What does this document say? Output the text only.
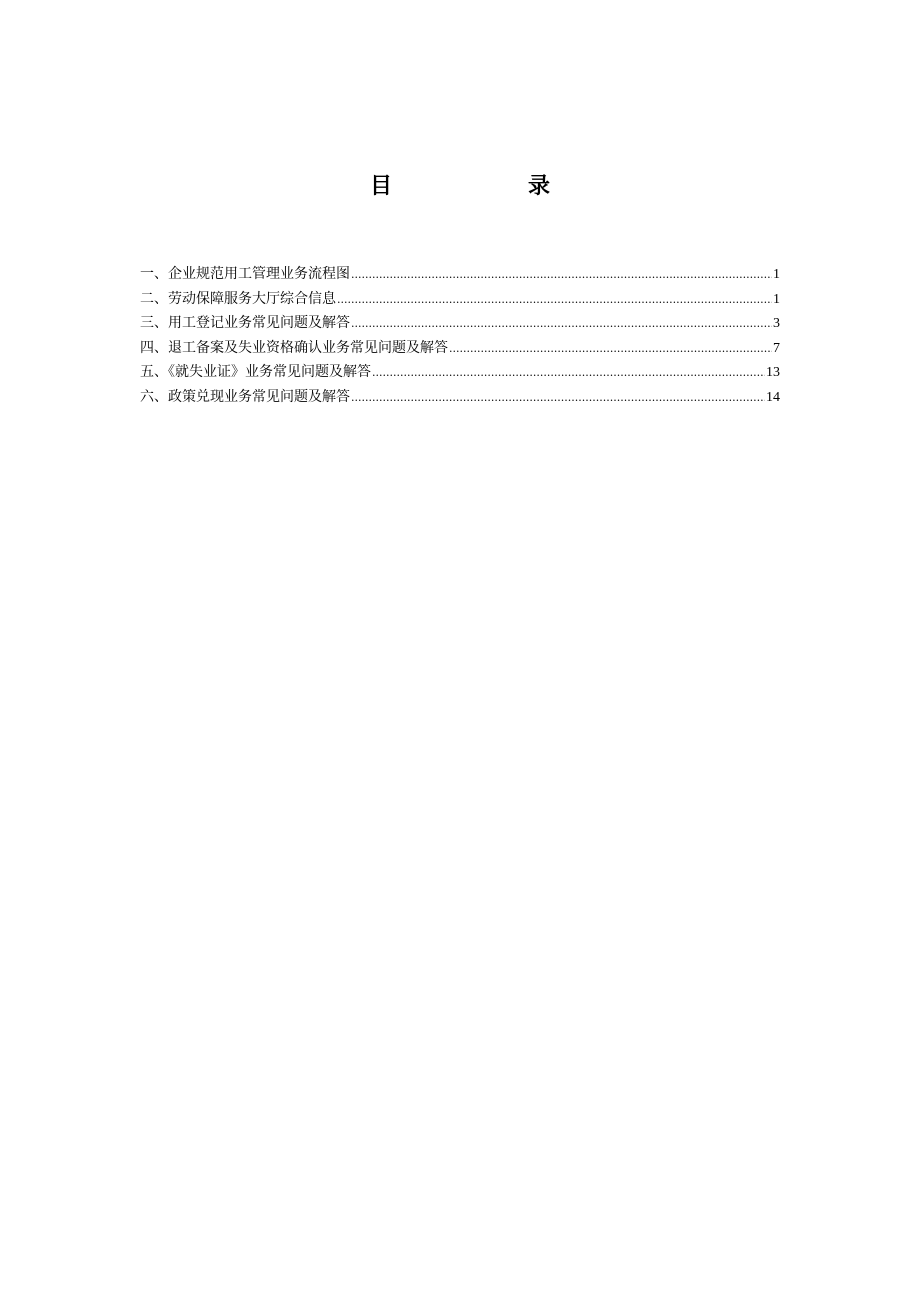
目	录
一、企业规范用工管理业务流程图 .....	1
二、劳动保障服务大厅综合信息 .....	1
三、用工登记业务常见问题及解答 .....	3
四、退工备案及失业资格确认业务常见问题及解答 .....	7
五、《就失业证》业务常见问题及解答 .....	13
六、政策兑现业务常见问题及解答 .....	14
